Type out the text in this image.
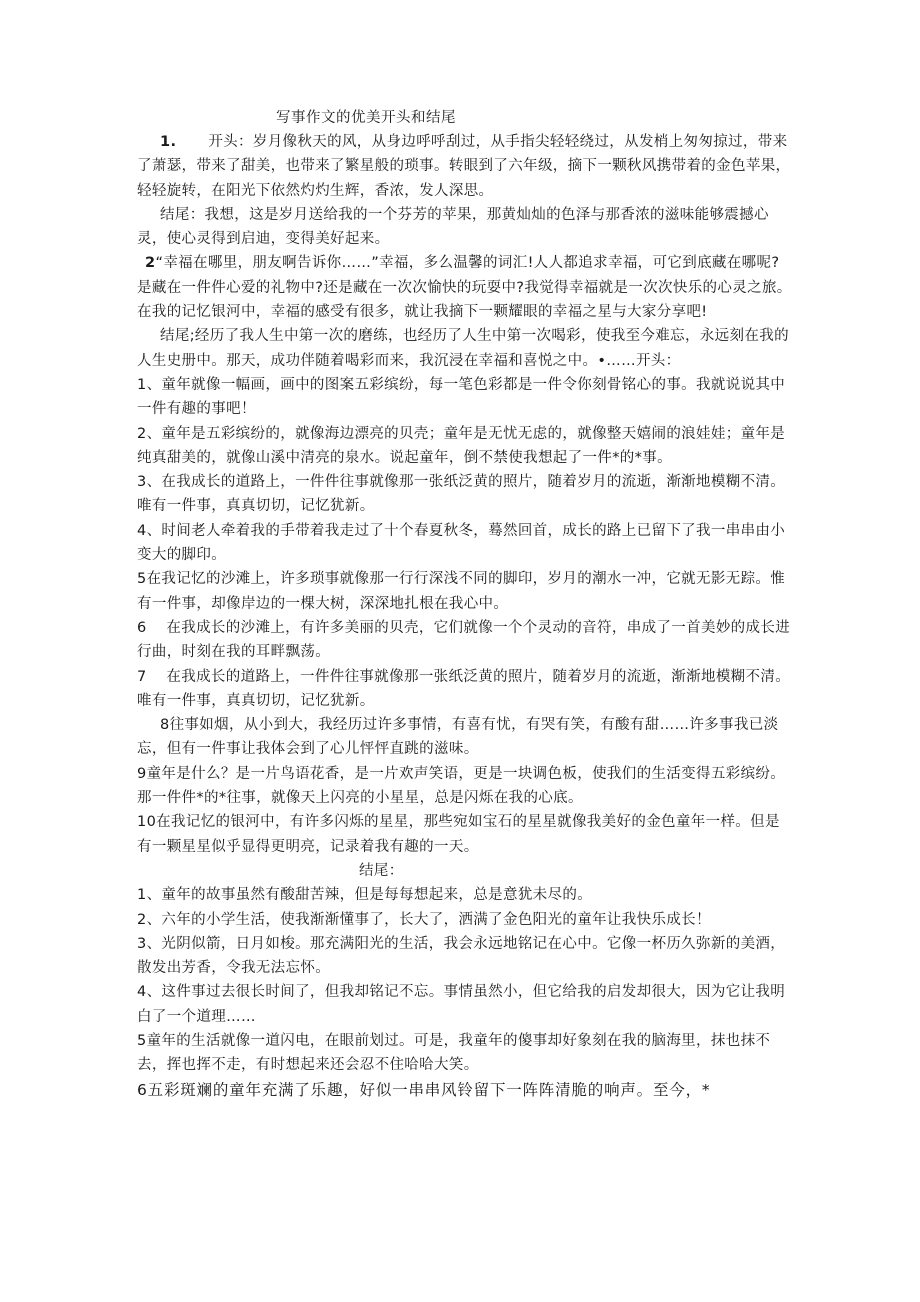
写事作文的优美开头和结尾

1. 开头：岁月像秋天的风，从身边呼呼刮过，从手指尖轻轻绕过，从发梢上匆匆掠过，带来了萧瑟，带来了甜美，也带来了繁星般的琐事。转眼到了六年级，摘下一颗秋风携带着的金色苹果，轻轻旋转，在阳光下依然灼灼生辉，香浓，发人深思。

结尾：我想，这是岁月送给我的一个芬芳的苹果，那黄灿灿的色泽与那香浓的滋味能够震撼心灵，使心灵得到启迪，变得美好起来。

2“幸福在哪里，朋友啊告诉你……”幸福，多么温馨的词汇!人人都追求幸福，可它到底藏在哪呢?是藏在一件件心爱的礼物中?还是藏在一次次愉快的玩耍中?我觉得幸福就是一次次快乐的心灵之旅。在我的记忆银河中，幸福的感受有很多，就让我摘下一颗耀眼的幸福之星与大家分享吧!

结尾;经历了我人生中第一次的磨练，也经历了人生中第一次喝彩，使我至今难忘，永远刻在我的人生史册中。那天，成功伴随着喝彩而来，我沉浸在幸福和喜悦之中。•……开头：

1、童年就像一幅画，画中的图案五彩缤纷，每一笔色彩都是一件令你刻骨铭心的事。我就说说其中一件有趣的事吧！

2、童年是五彩缤纷的，就像海边漂亮的贝壳；童年是无忧无虑的，就像整天嬉闹的浪娃娃；童年是纯真甜美的，就像山溪中清亮的泉水。说起童年，倒不禁使我想起了一件*的*事。

3、在我成长的道路上，一件件往事就像那一张纸泛黄的照片，随着岁月的流逝，渐渐地模糊不清。唯有一件事，真真切切，记忆犹新。

4、时间老人牵着我的手带着我走过了十个春夏秋冬，蓦然回首，成长的路上已留下了我一串串由小变大的脚印。

5在我记忆的沙滩上，许多琐事就像那一行行深浅不同的脚印，岁月的潮水一冲，它就无影无踪。惟有一件事，却像岸边的一棵大树，深深地扎根在我心中。

6　 在我成长的沙滩上，有许多美丽的贝壳，它们就像一个个灵动的音符，串成了一首美妙的成长进行曲，时刻在我的耳畔飘荡。

7　 在我成长的道路上，一件件往事就像那一张纸泛黄的照片，随着岁月的流逝，渐渐地模糊不清。唯有一件事，真真切切，记忆犹新。

8往事如烟，从小到大，我经历过许多事情，有喜有忧，有哭有笑，有酸有甜……许多事我已淡忘，但有一件事让我体会到了心儿怦怦直跳的滋味。

9童年是什么？是一片鸟语花香，是一片欢声笑语，更是一块调色板，使我们的生活变得五彩缤纷。那一件件*的*往事，就像天上闪亮的小星星，总是闪烁在我的心底。

10在我记忆的银河中，有许多闪烁的星星，那些宛如宝石的星星就像我美好的金色童年一样。但是有一颗星星似乎显得更明亮，记录着我有趣的一天。

结尾：

1、童年的故事虽然有酸甜苦辣，但是每每想起来，总是意犹未尽的。

2、六年的小学生活，使我渐渐懂事了，长大了，洒满了金色阳光的童年让我快乐成长！

3、光阴似箭，日月如梭。那充满阳光的生活，我会永远地铭记在心中。它像一杯历久弥新的美酒，散发出芳香，令我无法忘怀。

4、这件事过去很长时间了，但我却铭记不忘。事情虽然小，但它给我的启发却很大，因为它让我明白了一个道理……

5童年的生活就像一道闪电，在眼前划过。可是，我童年的傻事却好象刻在我的脑海里，抹也抹不去，挥也挥不走，有时想起来还会忍不住哈哈大笑。

6五彩斑斓的童年充满了乐趣，好似一串串风铃留下一阵阵清脆的响声。至今，*
